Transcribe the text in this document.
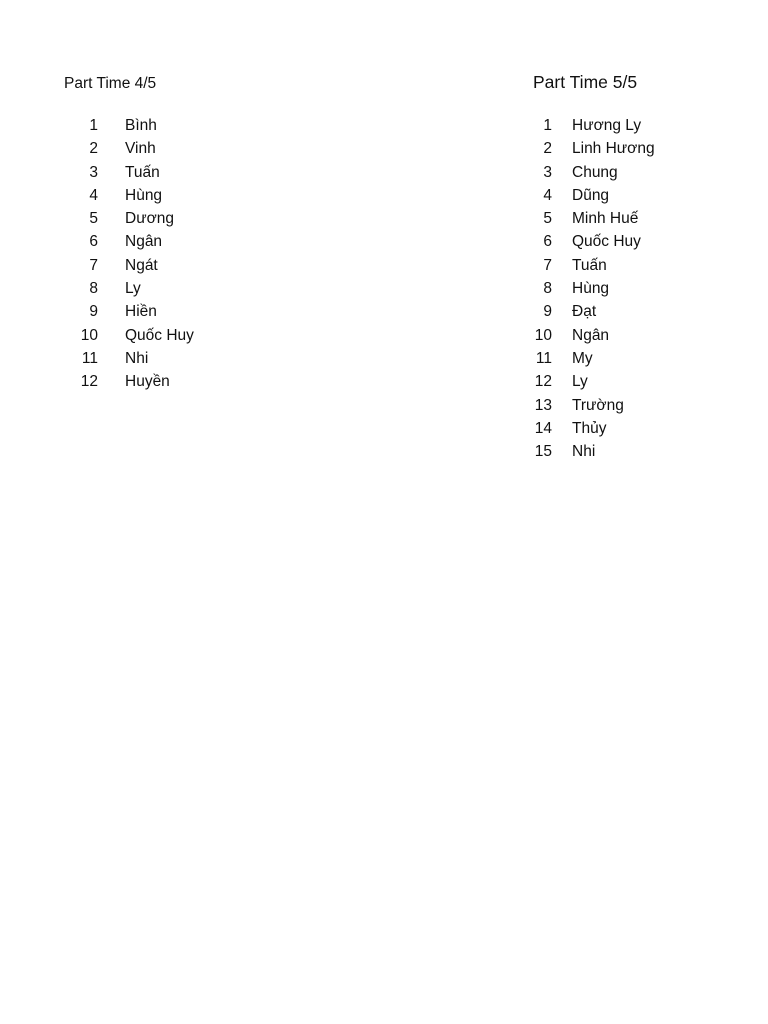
Part Time 4/5
1 Bình
2 Vinh
3 Tuấn
4 Hùng
5 Dương
6 Ngân
7 Ngát
8 Ly
9 Hiền
10 Quốc Huy
11 Nhi
12 Huyền
Part Time 5/5
1 Hương Ly
2 Linh Hương
3 Chung
4 Dũng
5 Minh Huế
6 Quốc Huy
7 Tuấn
8 Hùng
9 Đạt
10 Ngân
11 My
12 Ly
13 Trường
14 Thủy
15 Nhi
